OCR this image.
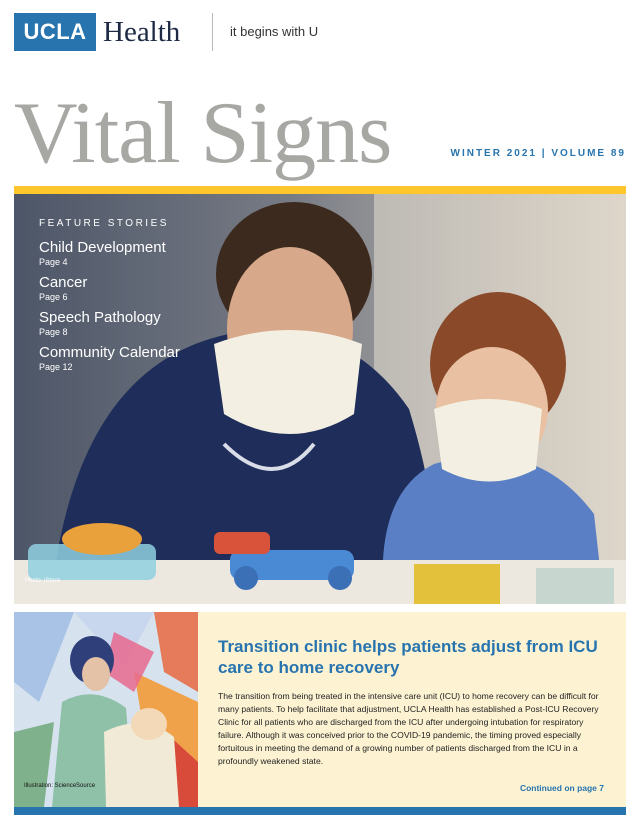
UCLA Health	it begins with U
Vital Signs	WINTER 2021 | VOLUME 89
FEATURE STORIES
Child Development
Page 4
Cancer
Page 6
Speech Pathology
Page 8
Community Calendar
Page 12
Photo: iStock
Illustration: ScienceSource
Transition clinic helps patients adjust from ICU care to home recovery
The transition from being treated in the intensive care unit (ICU) to home recovery can be difficult for many patients. To help facilitate that adjustment, UCLA Health has established a Post-ICU Recovery Clinic for all patients who are discharged from the ICU after undergoing intubation for respiratory failure. Although it was conceived prior to the COVID-19 pandemic, the timing proved especially fortuitous in meeting the demand of a growing number of patients discharged from the ICU in a profoundly weakened state.
Continued on page 7
